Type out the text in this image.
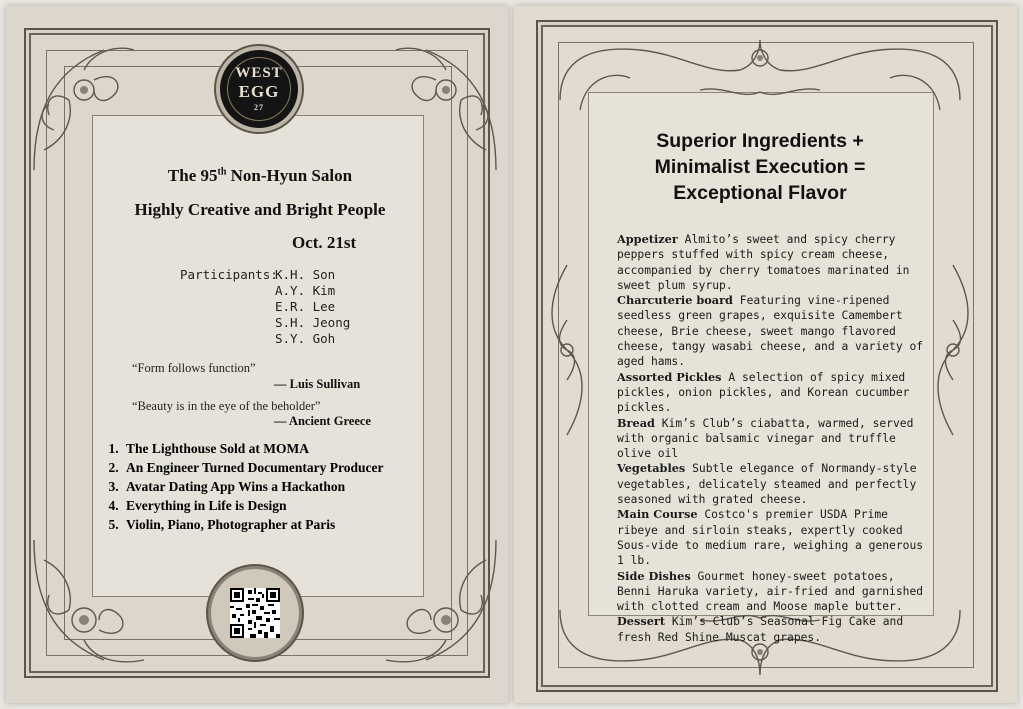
WEST
EGG
27
The 95th Non-Hyun Salon
Highly Creative and Bright People
Oct. 21st
Participants:
K.H. Son
A.Y. Kim
E.R. Lee
S.H. Jeong
S.Y. Goh
“Form follows function”
— Luis Sullivan
“Beauty is in the eye of the beholder”
— Ancient Greece
1. The Lighthouse Sold at MOMA
2. An Engineer Turned Documentary Producer
3. Avatar Dating App Wins a Hackathon
4. Everything in Life is Design
5. Violin, Piano, Photographer at Paris
Superior Ingredients +
Minimalist Execution =
Exceptional Flavor

Appetizer Almito’s sweet and spicy cherry peppers stuffed with spicy cream cheese, accompanied by cherry tomatoes marinated in sweet plum syrup.

Charcuterie board Featuring vine-ripened seedless green grapes, exquisite Camembert cheese, Brie cheese, sweet mango flavored cheese, tangy wasabi cheese, and a variety of aged hams.

Assorted Pickles A selection of spicy mixed pickles, onion pickles, and Korean cucumber pickles.

Bread Kim’s Club’s ciabatta, warmed, served with organic balsamic vinegar and truffle olive oil

Vegetables Subtle elegance of Normandy-style vegetables, delicately steamed and perfectly seasoned with grated cheese.

Main Course Costco's premier USDA Prime ribeye and sirloin steaks, expertly cooked Sous-vide to medium rare, weighing a generous 1 lb.

Side Dishes Gourmet honey-sweet potatoes, Benni Haruka variety, air-fried and garnished with clotted cream and Moose maple butter.

Dessert Kim’s Club’s Seasonal Fig Cake and fresh Red Shine Muscat grapes.
